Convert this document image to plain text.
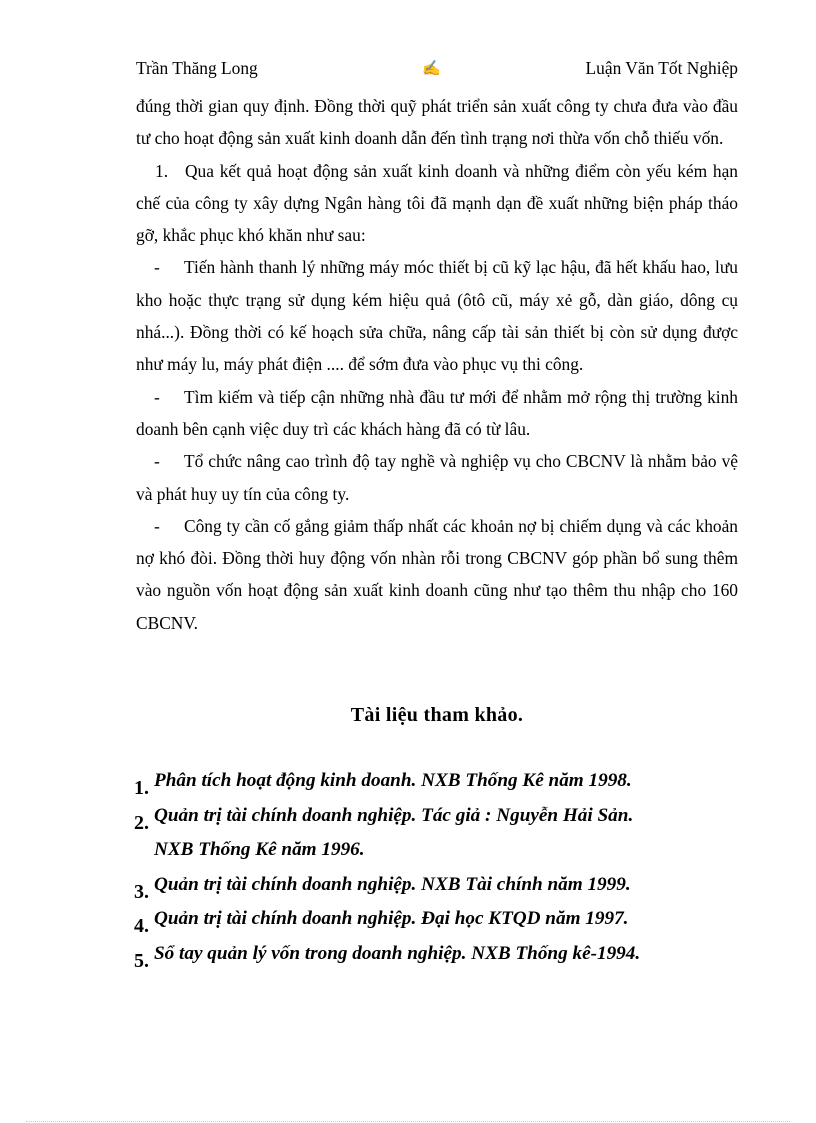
Trần Thăng Long	✍	Luận Văn Tốt Nghiệp

đúng thời gian quy định. Đồng thời quỹ phát triển sản xuất công ty chưa đưa vào đầu tư cho hoạt động sản xuất kinh doanh dẫn đến tình trạng nơi thừa vốn chỗ thiếu vốn.

1. Qua kết quả hoạt động sản xuất kinh doanh và những điểm còn yếu kém hạn chế của công ty xây dựng Ngân hàng tôi đã mạnh dạn đề xuất những biện pháp tháo gỡ, khắc phục khó khăn như sau:

- Tiến hành thanh lý những máy móc thiết bị cũ kỹ lạc hậu, đã hết khấu hao, lưu kho hoặc thực trạng sử dụng kém hiệu quả (ôtô cũ, máy xẻ gỗ, dàn giáo, dông cụ nhá...). Đồng thời có kế hoạch sửa chữa, nâng cấp tài sản thiết bị còn sử dụng được như máy lu, máy phát điện .... để sớm đưa vào phục vụ thi công.

- Tìm kiếm và tiếp cận những nhà đầu tư mới để nhằm mở rộng thị trường kinh doanh bên cạnh việc duy trì các khách hàng đã có từ lâu.

- Tổ chức nâng cao trình độ tay nghề và nghiệp vụ cho CBCNV là nhằm bảo vệ và phát huy uy tín của công ty.

- Công ty cần cố gắng giảm thấp nhất các khoản nợ bị chiếm dụng và các khoản nợ khó đòi. Đồng thời huy động vốn nhàn rỗi trong CBCNV góp phần bổ sung thêm vào nguồn vốn hoạt động sản xuất kinh doanh cũng như tạo thêm thu nhập cho 160 CBCNV.

Tài liệu tham khảo.
1. Phân tích hoạt động kinh doanh. NXB Thống Kê năm 1998.
2. Quản trị tài chính doanh nghiệp. Tác giả : Nguyễn Hải Sản.
NXB Thống Kê năm 1996.
3. Quản trị tài chính doanh nghiệp. NXB Tài chính năm 1999.
4. Quản trị tài chính doanh nghiệp. Đại học KTQD năm 1997.
5. Sổ tay quản lý vốn trong doanh nghiệp. NXB Thống kê-1994.
